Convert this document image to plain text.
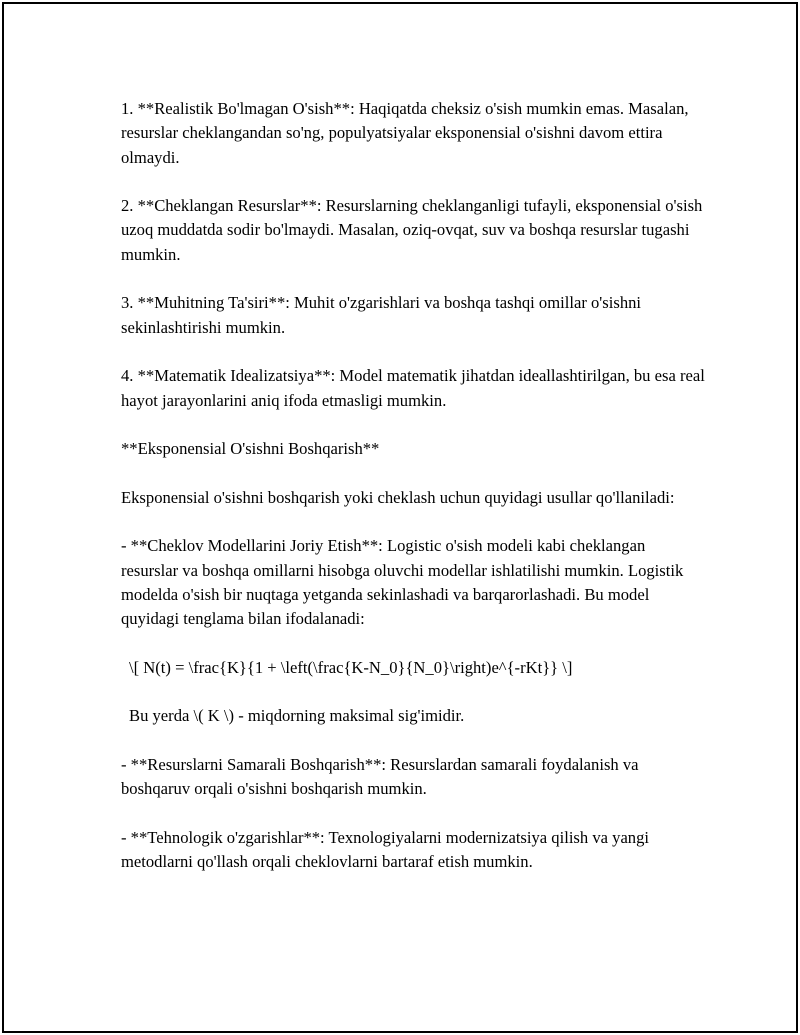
1. **Realistik Bo'lmagan O'sish**: Haqiqatda cheksiz o'sish mumkin emas. Masalan, resurslar cheklangandan so'ng, populyatsiyalar eksponensial o'sishni davom ettira olmaydi.

2. **Cheklangan Resurslar**: Resurslarning cheklanganligi tufayli, eksponensial o'sish uzoq muddatda sodir bo'lmaydi. Masalan, oziq-ovqat, suv va boshqa resurslar tugashi mumkin.

3. **Muhitning Ta'siri**: Muhit o'zgarishlari va boshqa tashqi omillar o'sishni sekinlashtirishi mumkin.

4. **Matematik Idealizatsiya**: Model matematik jihatdan ideallashtirilgan, bu esa real hayot jarayonlarini aniq ifoda etmasligi mumkin.

**Eksponensial O'sishni Boshqarish**

Eksponensial o'sishni boshqarish yoki cheklash uchun quyidagi usullar qo'llaniladi:

- **Cheklov Modellarini Joriy Etish**: Logistic o'sish modeli kabi cheklangan resurslar va boshqa omillarni hisobga oluvchi modellar ishlatilishi mumkin. Logistik modelda o'sish bir nuqtaga yetganda sekinlashadi va barqarorlashadi. Bu model quyidagi tenglama bilan ifodalanadi:

\[ N(t) = \frac{K}{1 + \left(\frac{K-N_0}{N_0}\right)e^{-rKt}} \]

Bu yerda \( K \) - miqdorning maksimal sig'imidir.

- **Resurslarni Samarali Boshqarish**: Resurslardan samarali foydalanish va boshqaruv orqali o'sishni boshqarish mumkin.

- **Tehnologik o'zgarishlar**: Texnologiyalarni modernizatsiya qilish va yangi metodlarni qo'llash orqali cheklovlarni bartaraf etish mumkin.
